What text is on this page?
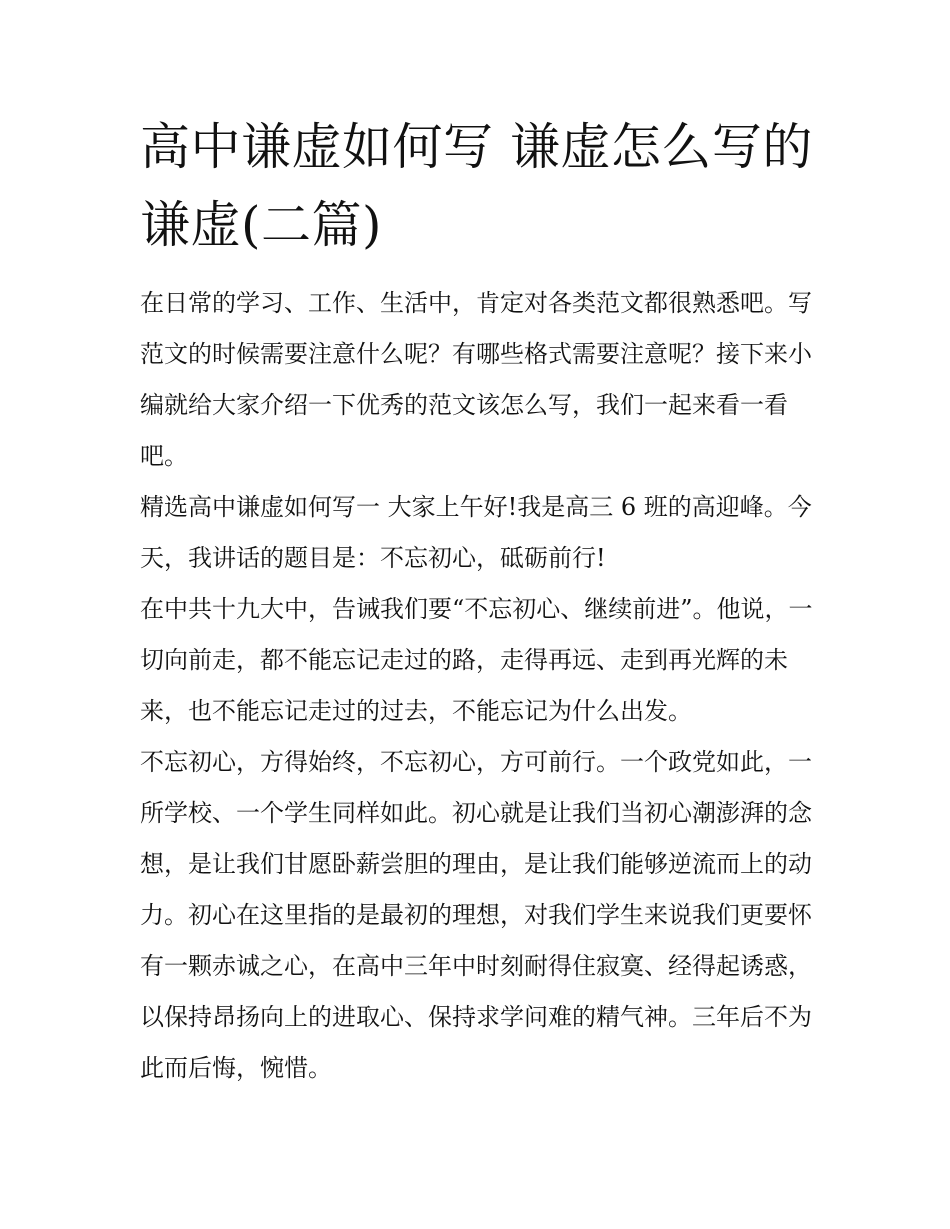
高中谦虚如何写 谦虚怎么写的谦虚(二篇)

在日常的学习、工作、生活中，肯定对各类范文都很熟悉吧。写范文的时候需要注意什么呢？有哪些格式需要注意呢？接下来小编就给大家介绍一下优秀的范文该怎么写，我们一起来看一看吧。

精选高中谦虚如何写一 大家上午好!我是高三 6 班的高迎峰。今天，我讲话的题目是：不忘初心，砥砺前行!

在中共十九大中，告诫我们要“不忘初心、继续前进”。他说，一切向前走，都不能忘记走过的路，走得再远、走到再光辉的未来，也不能忘记走过的过去，不能忘记为什么出发。

不忘初心，方得始终，不忘初心，方可前行。一个政党如此，一所学校、一个学生同样如此。初心就是让我们当初心潮澎湃的念想，是让我们甘愿卧薪尝胆的理由，是让我们能够逆流而上的动力。初心在这里指的是最初的理想，对我们学生来说我们更要怀有一颗赤诚之心，在高中三年中时刻耐得住寂寞、经得起诱惑，以保持昂扬向上的进取心、保持求学问难的精气神。三年后不为此而后悔，惋惜。
